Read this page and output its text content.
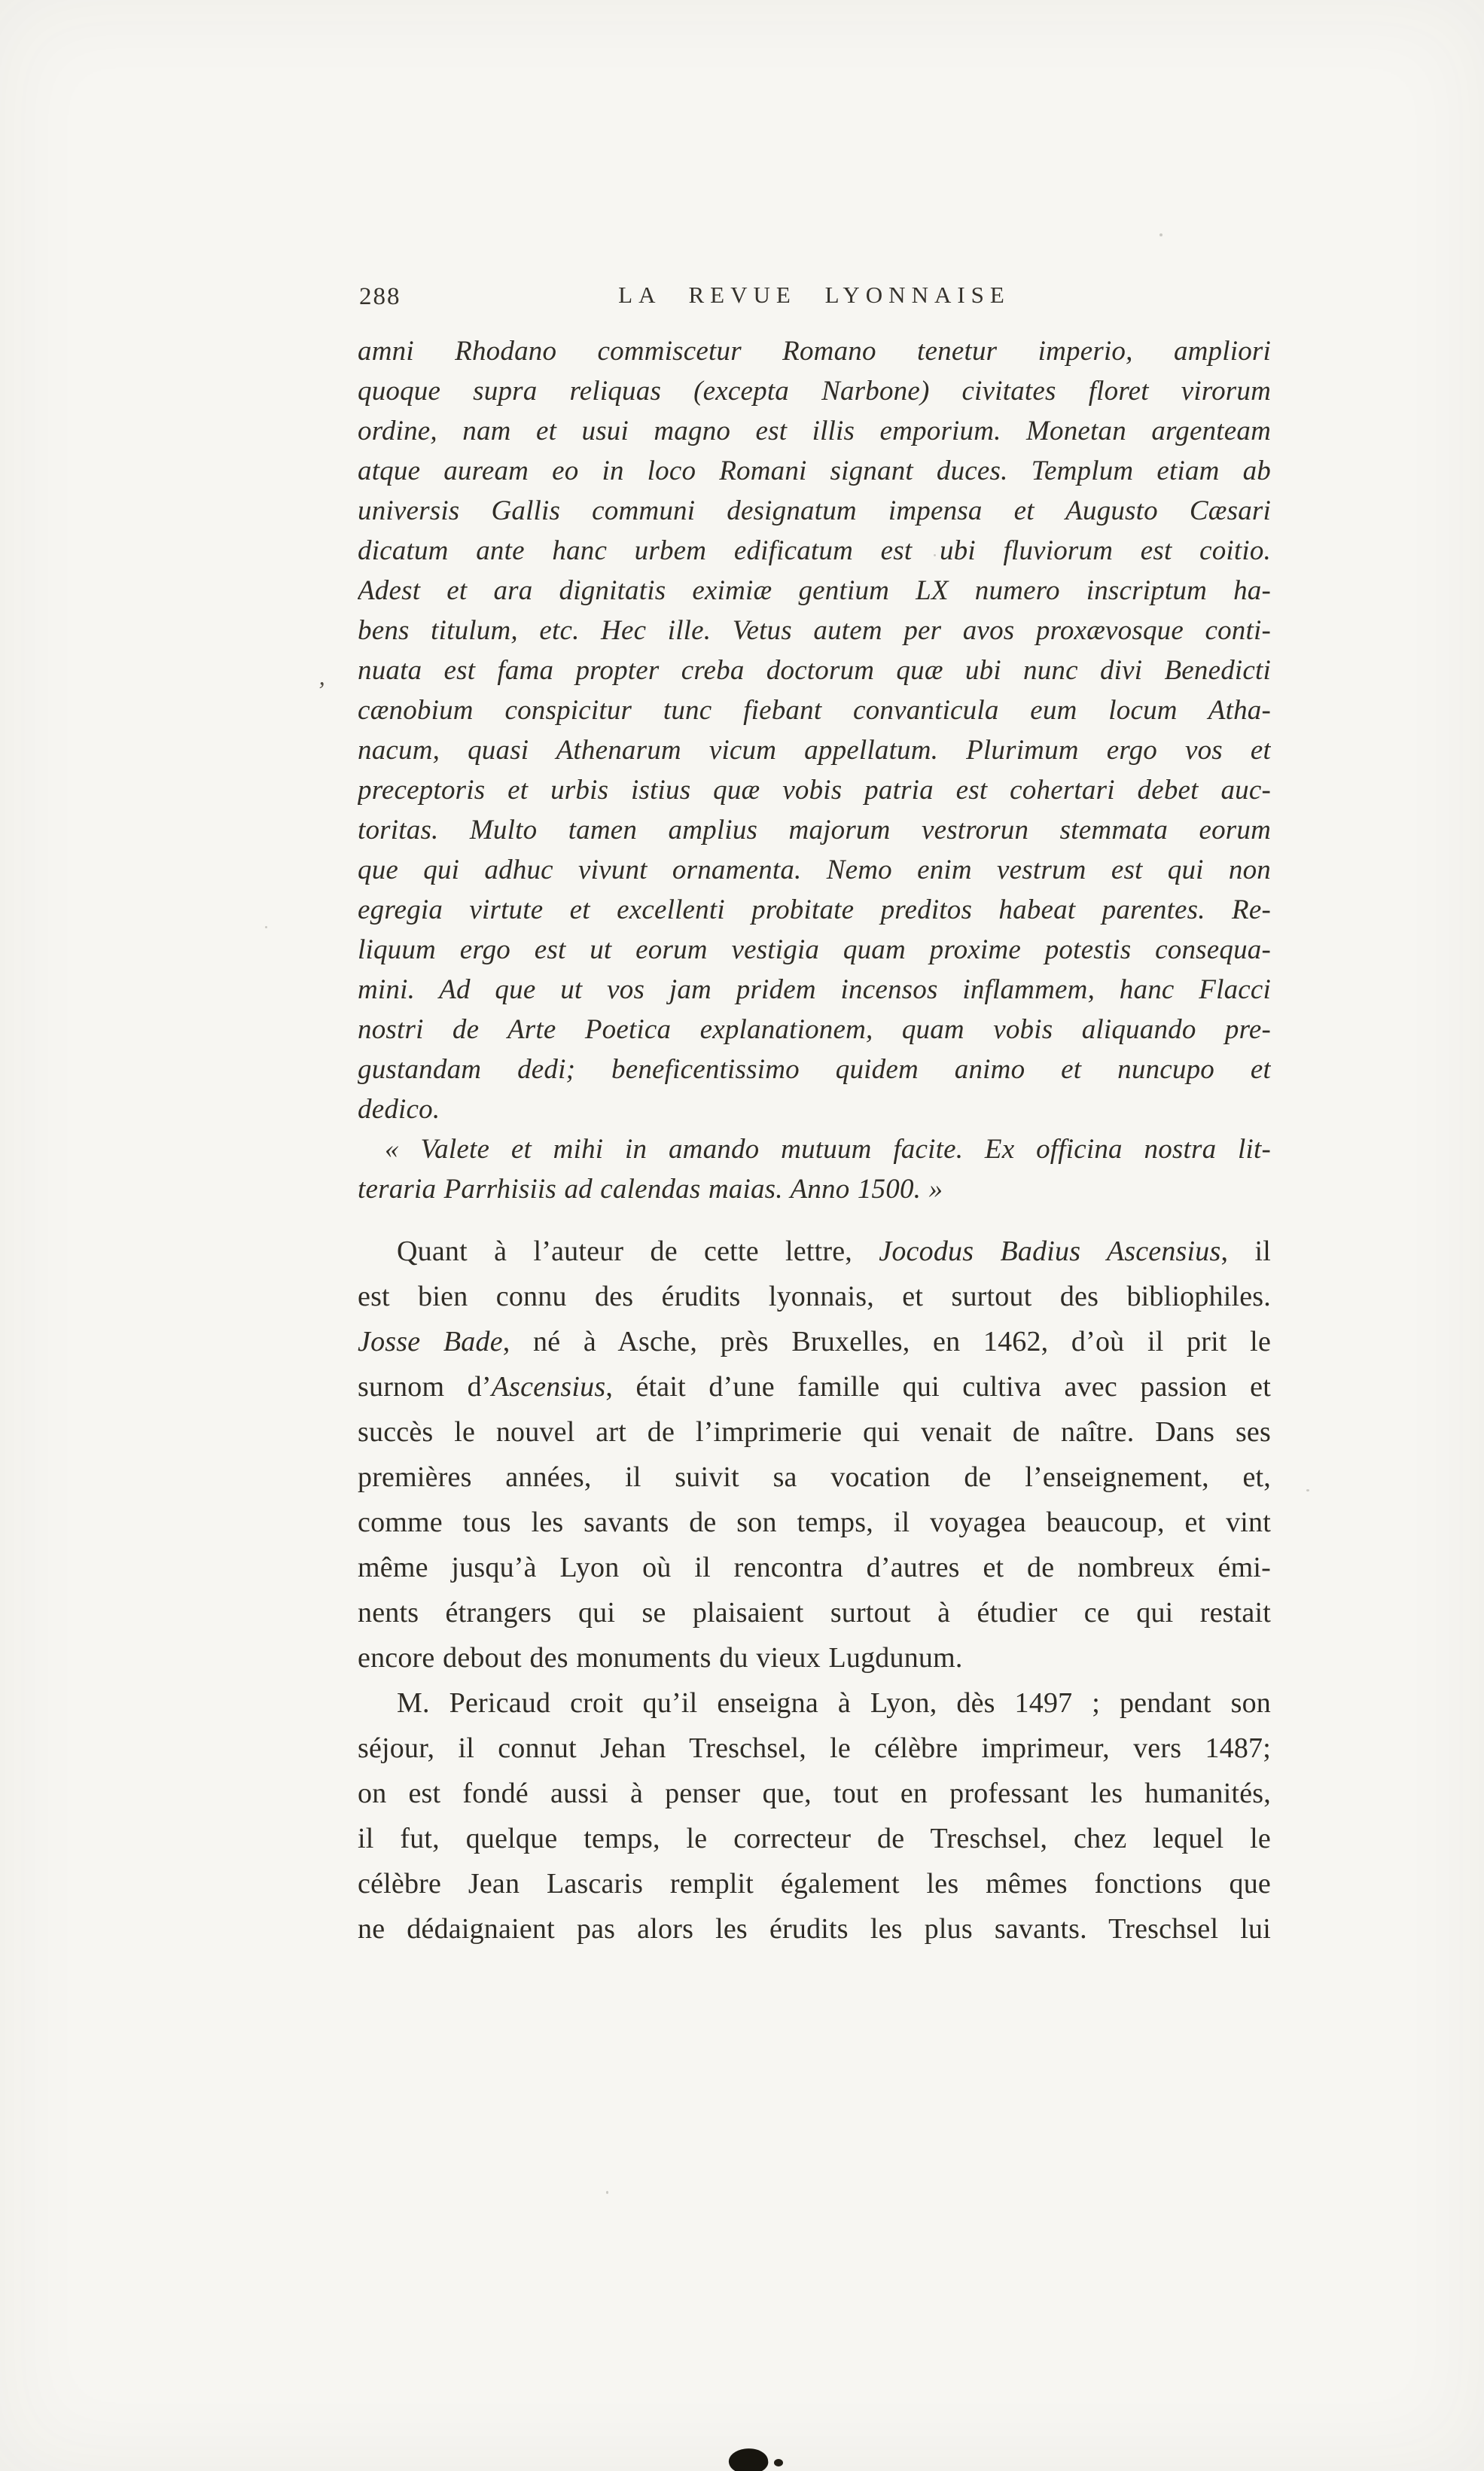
288	LA REVUE LYONNAISE
amni Rhodano commiscetur Romano tenetur imperio, ampliori
quoque supra reliquas (excepta Narbone) civitates floret virorum
ordine, nam et usui magno est illis emporium. Monetan argenteam
atque auream eo in loco Romani signant duces. Templum etiam ab
universis Gallis communi designatum impensa et Augusto Cæsari
dicatum ante hanc urbem edificatum est ubi fluviorum est coitio.
Adest et ara dignitatis eximiæ gentium LX numero inscriptum ha-
bens titulum, etc. Hec ille. Vetus autem per avos proxævosque conti-
nuata est fama propter creba doctorum quæ ubi nunc divi Benedicti
cænobium conspicitur tunc fiebant convanticula eum locum Atha-
nacum, quasi Athenarum vicum appellatum. Plurimum ergo vos et
preceptoris et urbis istius quæ vobis patria est cohertari debet auc-
toritas. Multo tamen amplius majorum vestrorun stemmata eorum
que qui adhuc vivunt ornamenta. Nemo enim vestrum est qui non
egregia virtute et excellenti probitate preditos habeat parentes. Re-
liquum ergo est ut eorum vestigia quam proxime potestis consequa-
mini. Ad que ut vos jam pridem incensos inflammem, hanc Flacci
nostri de Arte Poetica explanationem, quam vobis aliquando pre-
gustandam dedi; beneficentissimo quidem animo et nuncupo et
dedico.
« Valete et mihi in amando mutuum facite. Ex officina nostra lit-
teraria Parrhisiis ad calendas maias. Anno 1500. »
Quant à l’auteur de cette lettre, Jocodus Badius Ascensius, il
est bien connu des érudits lyonnais, et surtout des bibliophiles.
Josse Bade, né à Asche, près Bruxelles, en 1462, d’où il prit le
surnom d’Ascensius, était d’une famille qui cultiva avec passion et
succès le nouvel art de l’imprimerie qui venait de naître. Dans ses
premières années, il suivit sa vocation de l’enseignement, et,
comme tous les savants de son temps, il voyagea beaucoup, et vint
même jusqu’à Lyon où il rencontra d’autres et de nombreux émi-
nents étrangers qui se plaisaient surtout à étudier ce qui restait
encore debout des monuments du vieux Lugdunum.
M. Pericaud croit qu’il enseigna à Lyon, dès 1497 ; pendant son
séjour, il connut Jehan Treschsel, le célèbre imprimeur, vers 1487;
on est fondé aussi à penser que, tout en professant les humanités,
il fut, quelque temps, le correcteur de Treschsel, chez lequel le
célèbre Jean Lascaris remplit également les mêmes fonctions que
ne dédaignaient pas alors les érudits les plus savants. Treschsel lui
’
